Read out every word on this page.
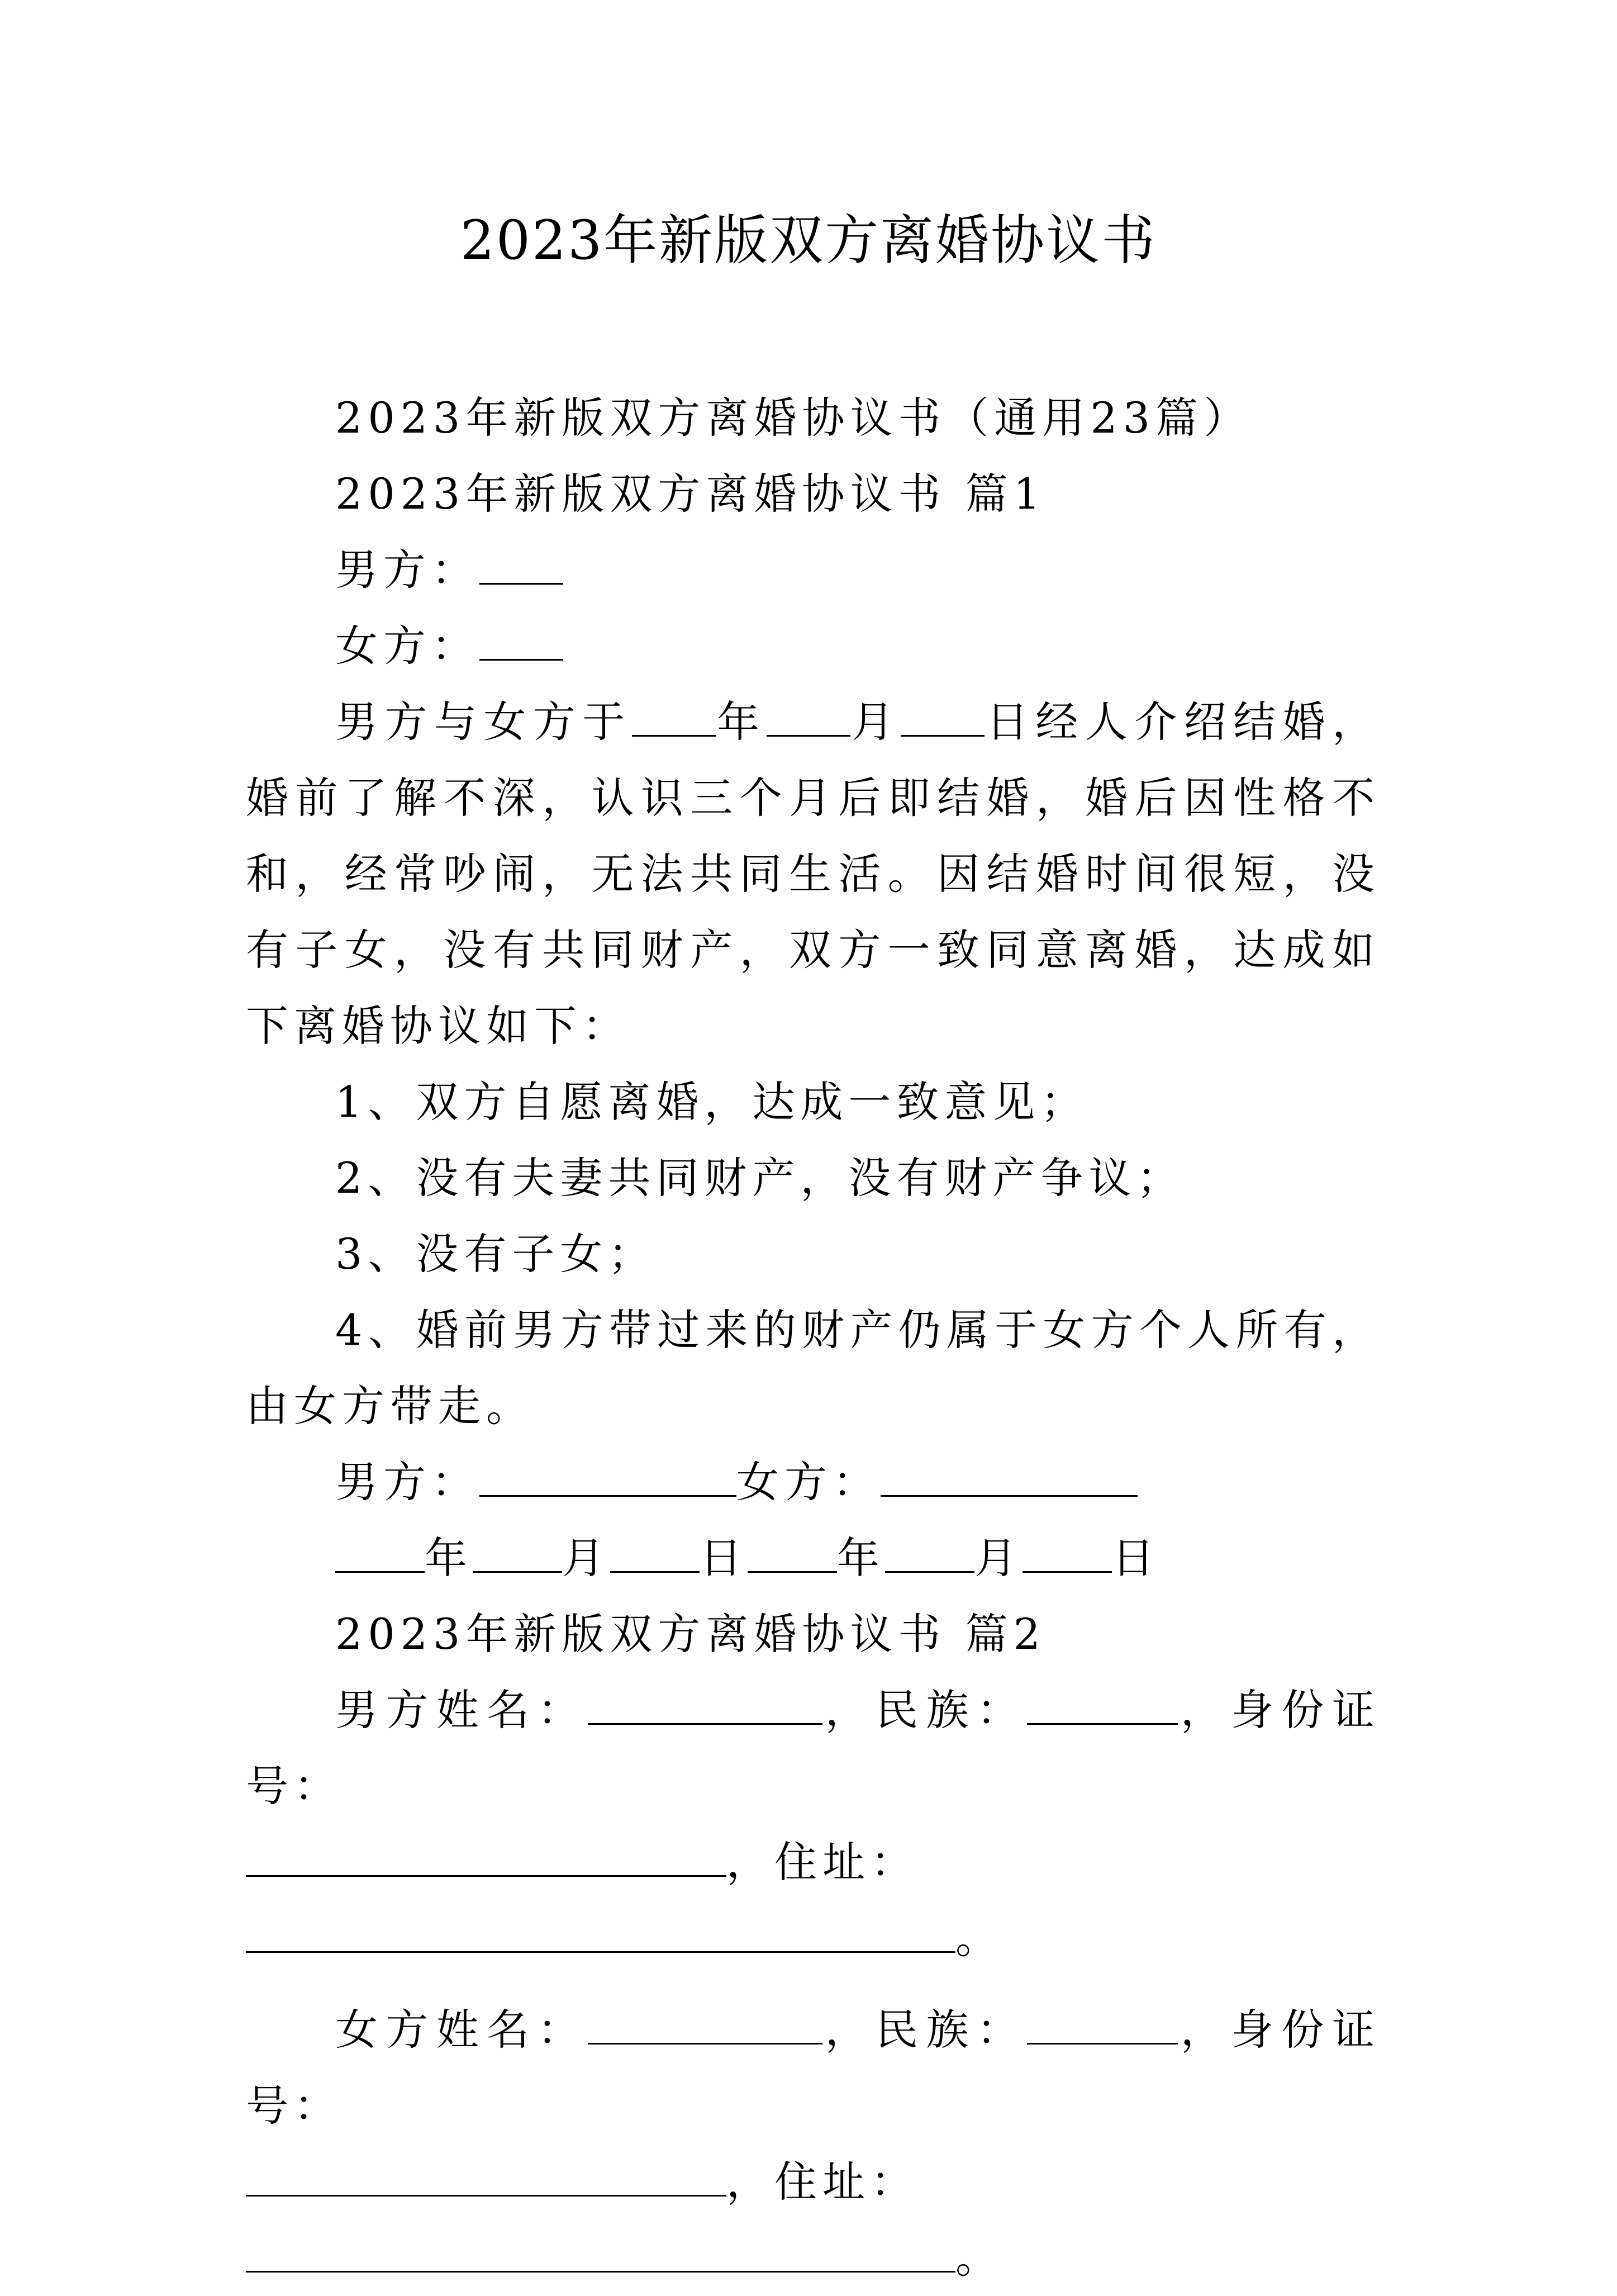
2023年新版双方离婚协议书

2023年新版双方离婚协议书（通用23篇）

2023年新版双方离婚协议书 篇1

男方：

女方：

男方与女方于 年 月 日经人介绍结婚，婚前了解不深，认识三个月后即结婚，婚后因性格不和，经常吵闹，无法共同生活。因结婚时间很短，没有子女，没有共同财产，双方一致同意离婚，达成如下离婚协议如下：

1、双方自愿离婚，达成一致意见；

2、没有夫妻共同财产，没有财产争议；

3、没有子女；

4、婚前男方带过来的财产仍属于女方个人所有，由女方带走。

男方：	女方：

年 月 日 年 月 日

2023年新版双方离婚协议书 篇2

男方姓名：	，民族：	，身份证号：

，住址：
。

女方姓名：	，民族：	，身份证号：

，住址：
。
